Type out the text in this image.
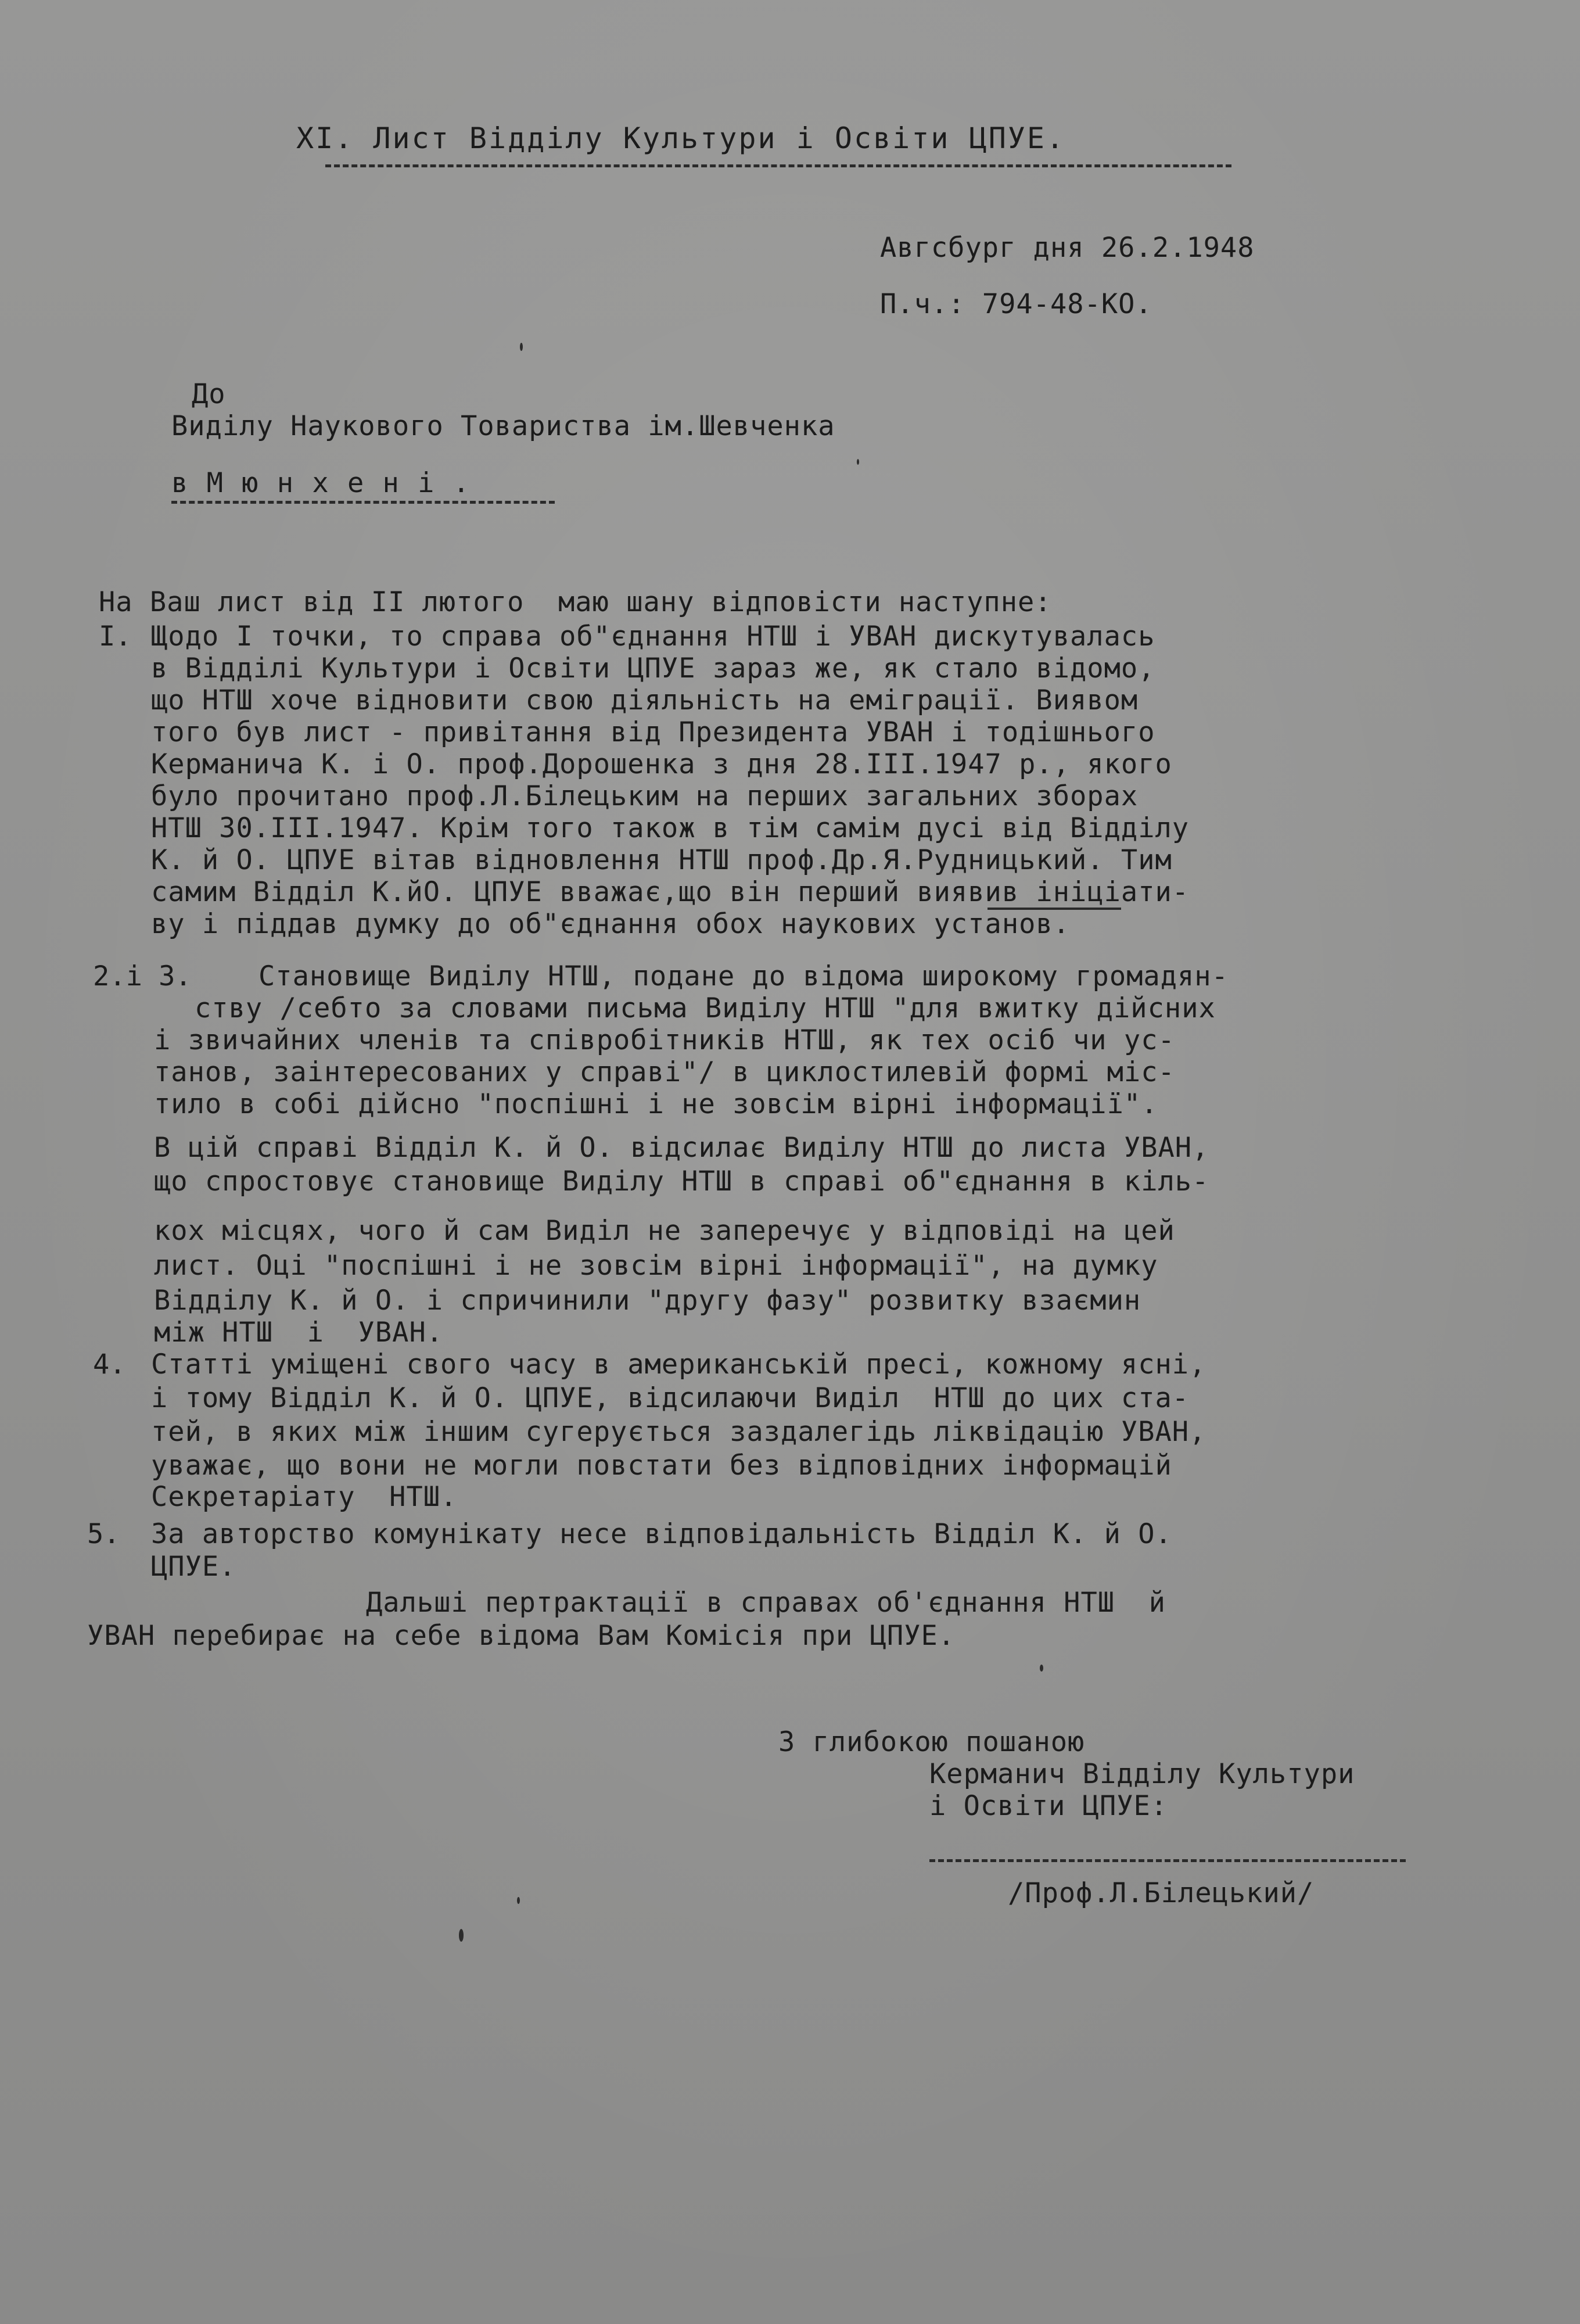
XI. Лист Відділу Культури і Освіти ЦПУЕ.
Авгсбург дня 26.2.1948
П.ч.: 794-48-КО.
До
Виділу Наукового Товариства ім.Шевченка
в М ю н х е н і .
На Ваш лист від II лютого  маю шану відповісти наступне:
I. Щодо I точки, то справа об"єднання НТШ і УВАН дискутувалась
в Відділі Культури і Освіти ЦПУЕ зараз же, як стало відомо,
що НТШ хоче відновити свою діяльність на еміграції. Виявом
того був лист - привітання від Президента УВАН і тодішнього
Керманича К. і О. проф.Дорошенка з дня 28.III.1947 р., якого
було прочитано проф.Л.Білецьким на перших загальних зборах
НТШ 30.III.1947. Крім того також в тім самім дусі від Відділу
К. й О. ЦПУЕ вітав відновлення НТШ проф.Др.Я.Рудницький. Тим
самим Відділ К.йО. ЦПУЕ вважає,що він перший виявив ініціати-
ву і піддав думку до об"єднання обох наукових установ.
2.і 3. Становище Виділу НТШ, подане до відома широкому громадян-
ству /себто за словами письма Виділу НТШ "для вжитку дійсних
і звичайних членів та співробітників НТШ, як тех осіб чи ус-
танов, заінтересованих у справі"/ в циклостилевій формі міс-
тило в собі дійсно "поспішні і не зовсім вірні інформації".
В цій справі Відділ К. й О. відсилає Виділу НТШ до листа УВАН,
що спростовує становище Виділу НТШ в справі об"єднання в кіль-
кох місцях, чого й сам Виділ не заперечує у відповіді на цей
лист. Оці "поспішні і не зовсім вірні інформації", на думку
Відділу К. й О. і спричинили "другу фазу" розвитку взаємин
між НТШ  і  УВАН.
4. Статті уміщені свого часу в американській пресі, кожному ясні,
і тому Відділ К. й О. ЦПУЕ, відсилаючи Виділ  НТШ до цих ста-
тей, в яких між іншим сугерується заздалегідь ліквідацію УВАН,
уважає, що вони не могли повстати без відповідних інформацій
Секретаріату  НТШ.
5. За авторство комунікату несе відповідальність Відділ К. й О.
ЦПУЕ.
Дальші пертрактації в справах об'єднання НТШ  й
УВАН перебирає на себе відома Вам Комісія при ЦПУЕ.
З глибокою пошаною
Керманич Відділу Культури
і Освіти ЦПУЕ:
/Проф.Л.Білецький/
